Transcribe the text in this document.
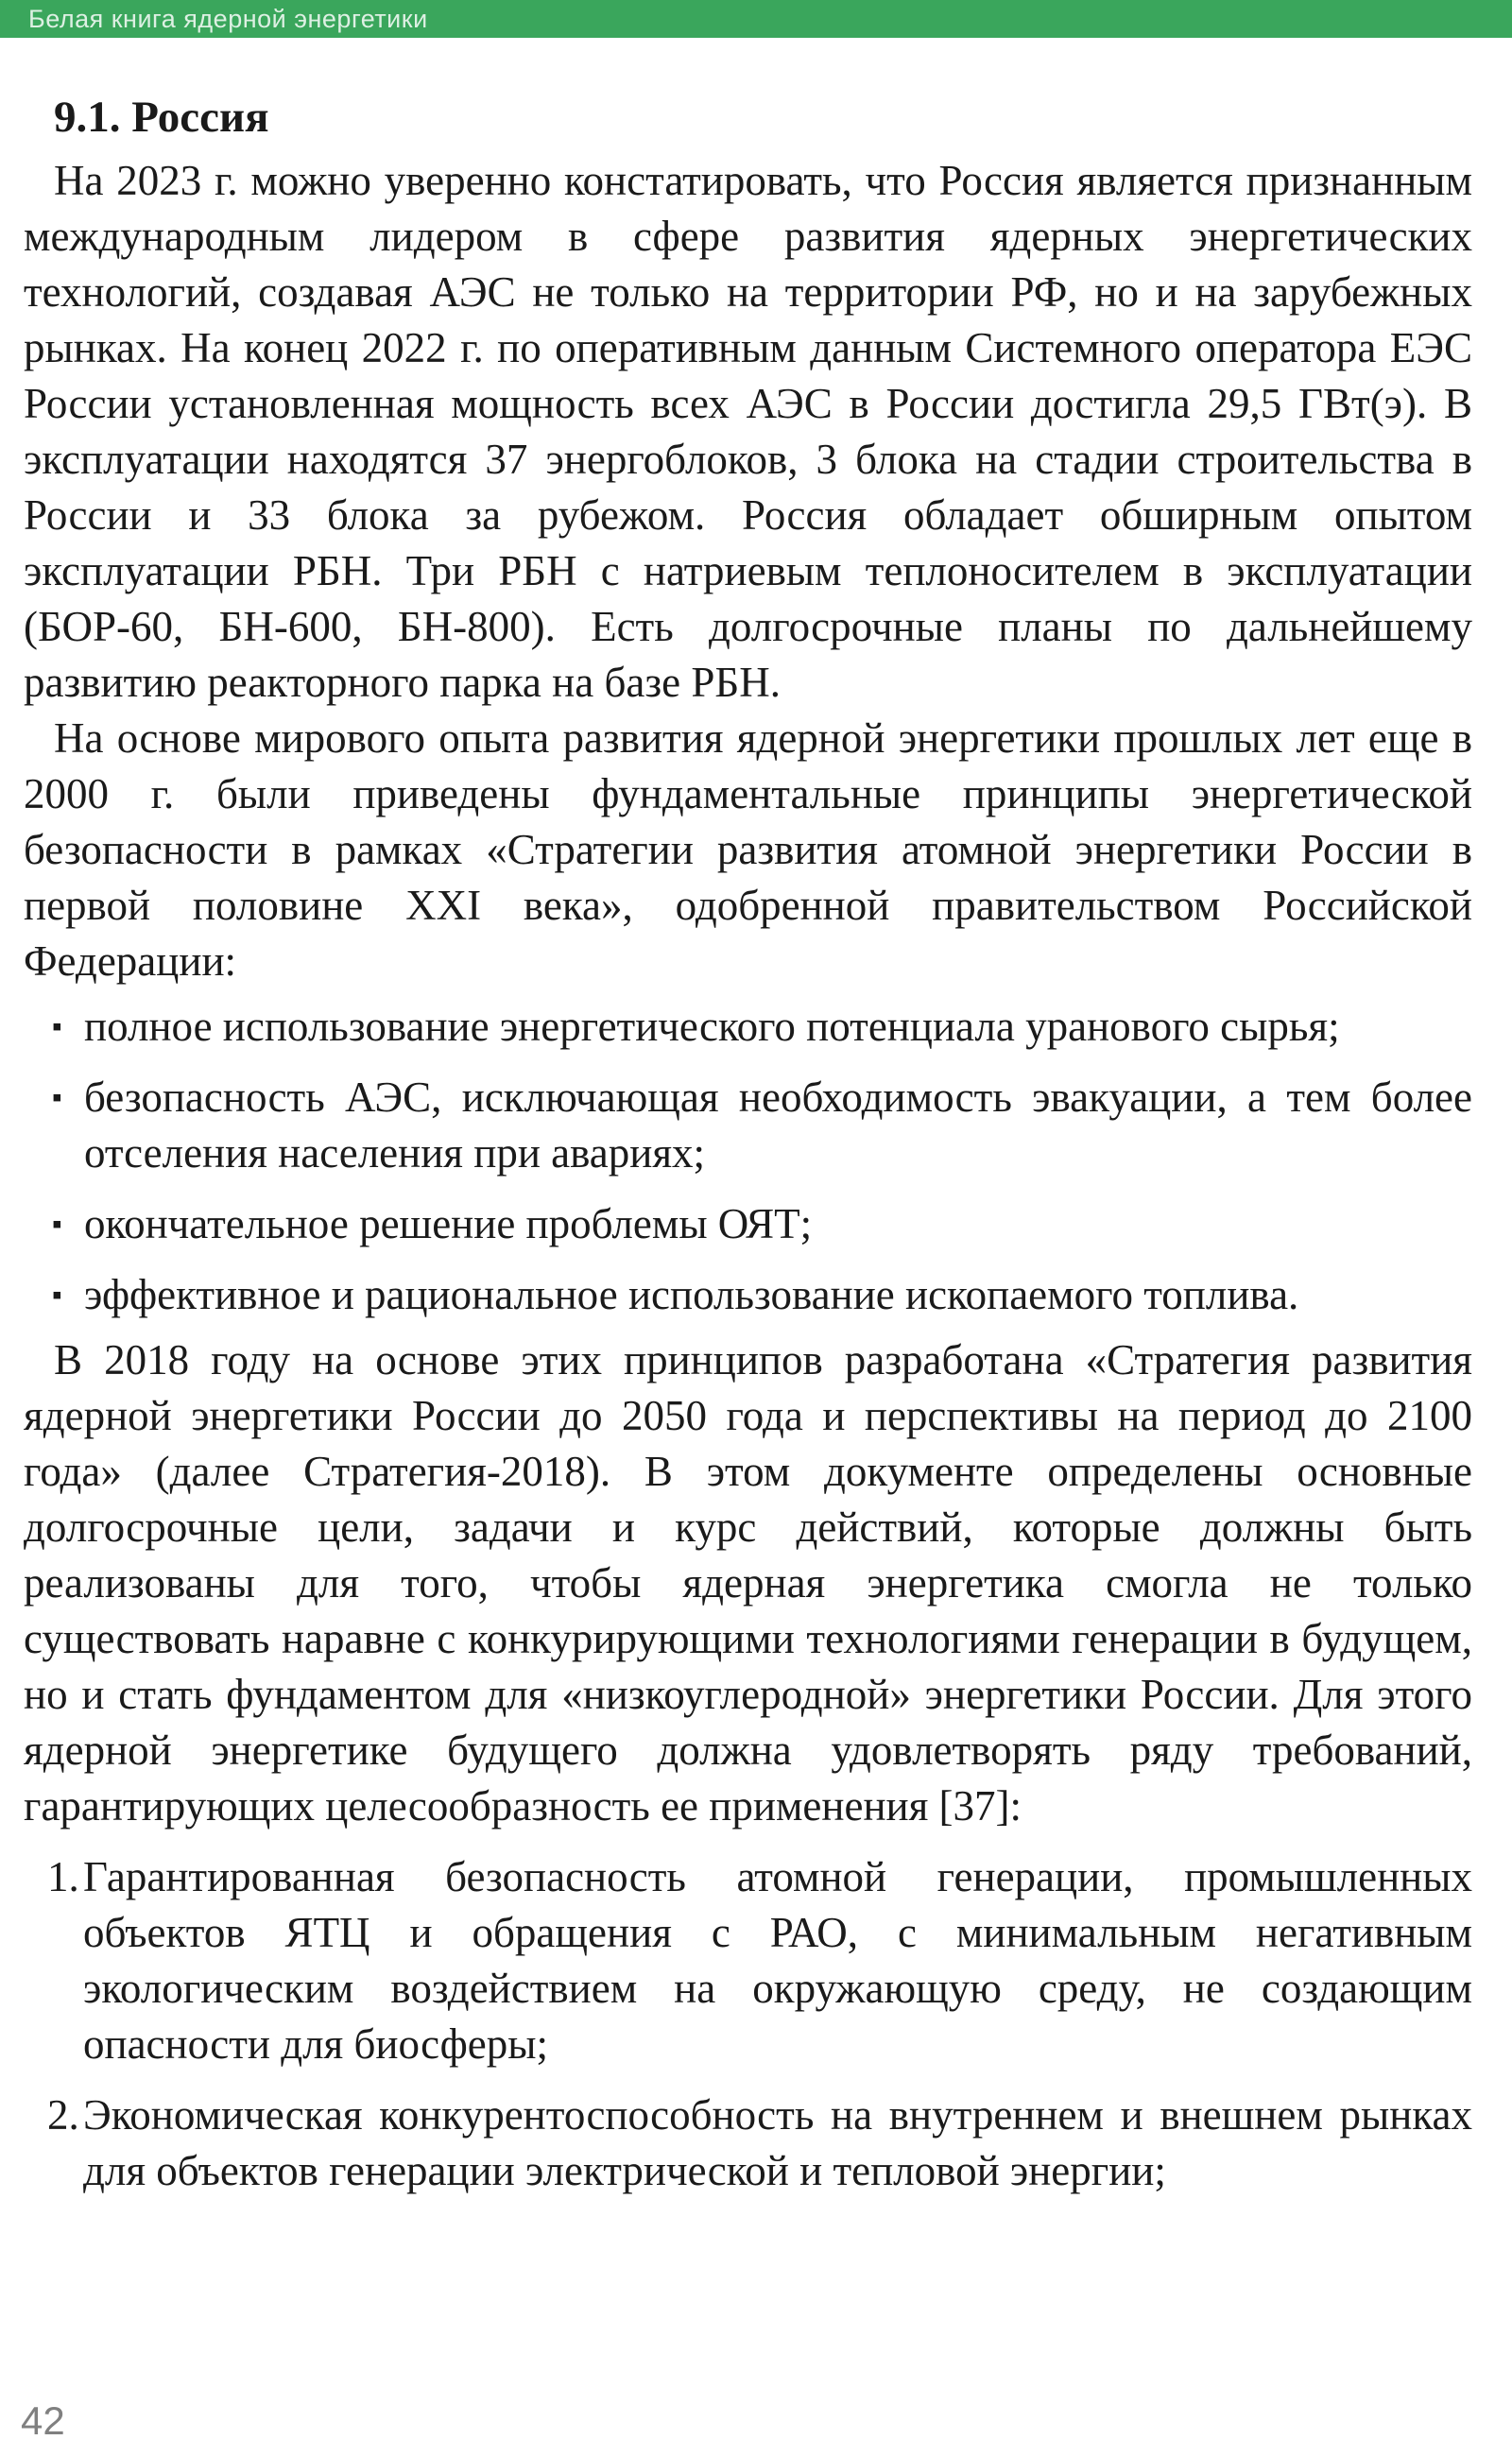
Белая книга ядерной энергетики
9.1. Россия

На 2023 г. можно уверенно констатировать, что Россия является признанным международным лидером в сфере развития ядерных энергетических технологий, создавая АЭС не только на территории РФ, но и на зарубежных рынках. На конец 2022 г. по оперативным данным Системного оператора ЕЭС России установленная мощность всех АЭС в России достигла 29,5 ГВт(э). В эксплуатации находятся 37 энергоблоков, 3 блока на стадии строительства в России и 33 блока за рубежом. Россия обладает обширным опытом эксплуатации РБН. Три РБН с натриевым теплоносителем в эксплуатации (БОР-60, БН-600, БН-800). Есть долгосрочные планы по дальнейшему развитию реакторного парка на базе РБН.

На основе мирового опыта развития ядерной энергетики прошлых лет еще в 2000 г. были приведены фундаментальные принципы энергетической безопасности в рамках «Стратегии развития атомной энергетики России в первой половине XXI века», одобренной правительством Российской Федерации:

▪ полное использование энергетического потенциала уранового сырья;
▪ безопасность АЭС, исключающая необходимость эвакуации, а тем более отселения населения при авариях;
▪ окончательное решение проблемы ОЯТ;
▪ эффективное и рациональное использование ископаемого топлива.

В 2018 году на основе этих принципов разработана «Стратегия развития ядерной энергетики России до 2050 года и перспективы на период до 2100 года» (далее Стратегия-2018). В этом документе определены основные долгосрочные цели, задачи и курс действий, которые должны быть реализованы для того, чтобы ядерная энергетика смогла не только существовать наравне с конкурирующими технологиями генерации в будущем, но и стать фундаментом для «низкоуглеродной» энергетики России. Для этого ядерной энергетике будущего должна удовлетворять ряду требований, гарантирующих целесообразность ее применения [37]:

1. Гарантированная безопасность атомной генерации, промышленных объектов ЯТЦ и обращения с РАО, с минимальным негативным экологическим воздействием на окружающую среду, не создающим опасности для биосферы;
2. Экономическая конкурентоспособность на внутреннем и внешнем рынках для объектов генерации электрической и тепловой энергии;
42
